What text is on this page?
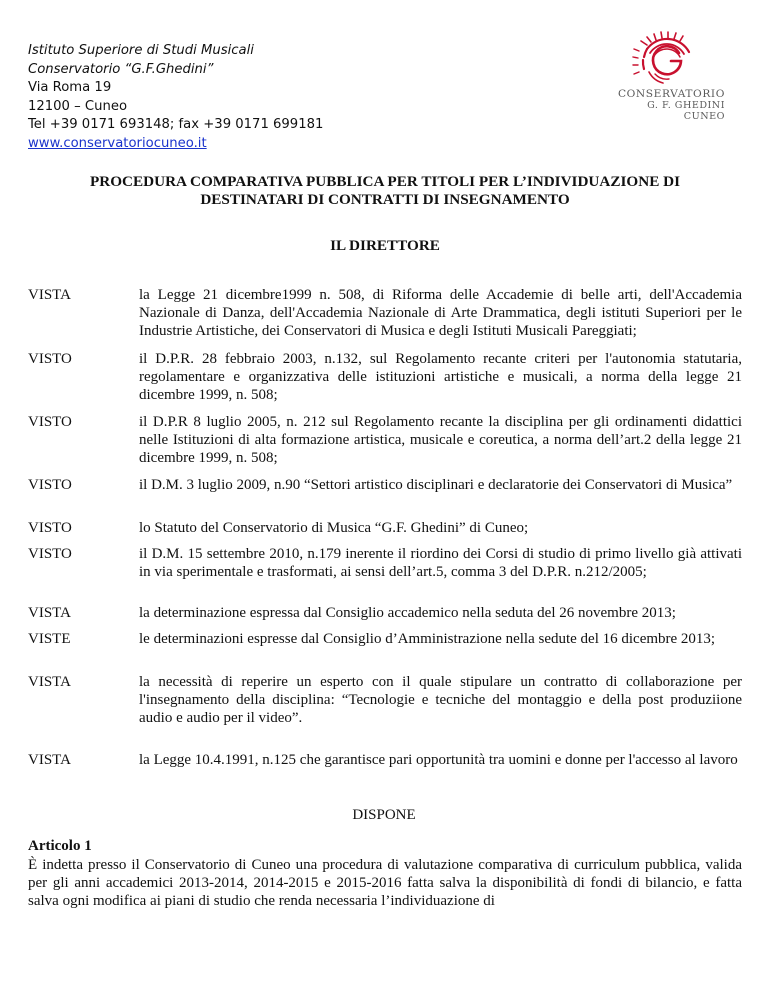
Istituto Superiore di Studi Musicali
Conservatorio “G.F.Ghedini”
Via Roma 19
12100 – Cuneo
Tel +39 0171 693148; fax +39 0171 699181
www.conservatoriocuneo.it
CONSERVATORIO
G. F. GHEDINI
CUNEO
PROCEDURA COMPARATIVA PUBBLICA PER TITOLI PER L’INDIVIDUAZIONE DI DESTINATARI DI CONTRATTI DI INSEGNAMENTO
IL DIRETTORE
VISTA	la Legge 21 dicembre1999 n. 508, di Riforma delle Accademie di belle arti, dell'Accademia Nazionale di Danza, dell'Accademia Nazionale di Arte Drammatica, degli istituti Superiori per le Industrie Artistiche, dei Conservatori di Musica e degli Istituti Musicali Pareggiati;
VISTO	il D.P.R. 28 febbraio 2003, n.132, sul Regolamento recante criteri per l'autonomia statutaria, regolamentare e organizzativa delle istituzioni artistiche e musicali, a norma della legge 21 dicembre 1999, n. 508;
VISTO	il D.P.R 8 luglio 2005, n. 212 sul Regolamento recante la disciplina per gli ordinamenti didattici nelle Istituzioni di alta formazione artistica, musicale e coreutica, a norma dell’art.2 della legge 21 dicembre 1999, n. 508;
VISTO	il D.M. 3 luglio 2009, n.90 “Settori artistico disciplinari e declaratorie dei Conservatori di Musica”
VISTO	lo Statuto del Conservatorio di Musica “G.F. Ghedini” di Cuneo;
VISTO	il D.M. 15 settembre 2010, n.179 inerente il riordino dei Corsi di studio di primo livello già attivati in via sperimentale e trasformati, ai sensi dell’art.5, comma 3 del D.P.R. n.212/2005;
VISTA	la determinazione espressa dal Consiglio accademico nella seduta del 26 novembre 2013;
VISTE	le determinazioni espresse dal Consiglio d’Amministrazione nella sedute del 16 dicembre 2013;
VISTA	la necessità di reperire un esperto con il quale stipulare un contratto di collaborazione per l'insegnamento della disciplina: “Tecnologie e tecniche del montaggio e della post produziione audio e audio per il video”.
VISTA	la Legge 10.4.1991, n.125 che garantisce pari opportunità tra uomini e donne per l'accesso al lavoro
DISPONE
Articolo 1
È indetta presso il Conservatorio di Cuneo una procedura di valutazione comparativa di curriculum pubblica, valida per gli anni accademici 2013-2014, 2014-2015 e 2015-2016 fatta salva la disponibilità di fondi di bilancio, e fatta salva ogni modifica ai piani di studio che renda necessaria l’individuazione di
